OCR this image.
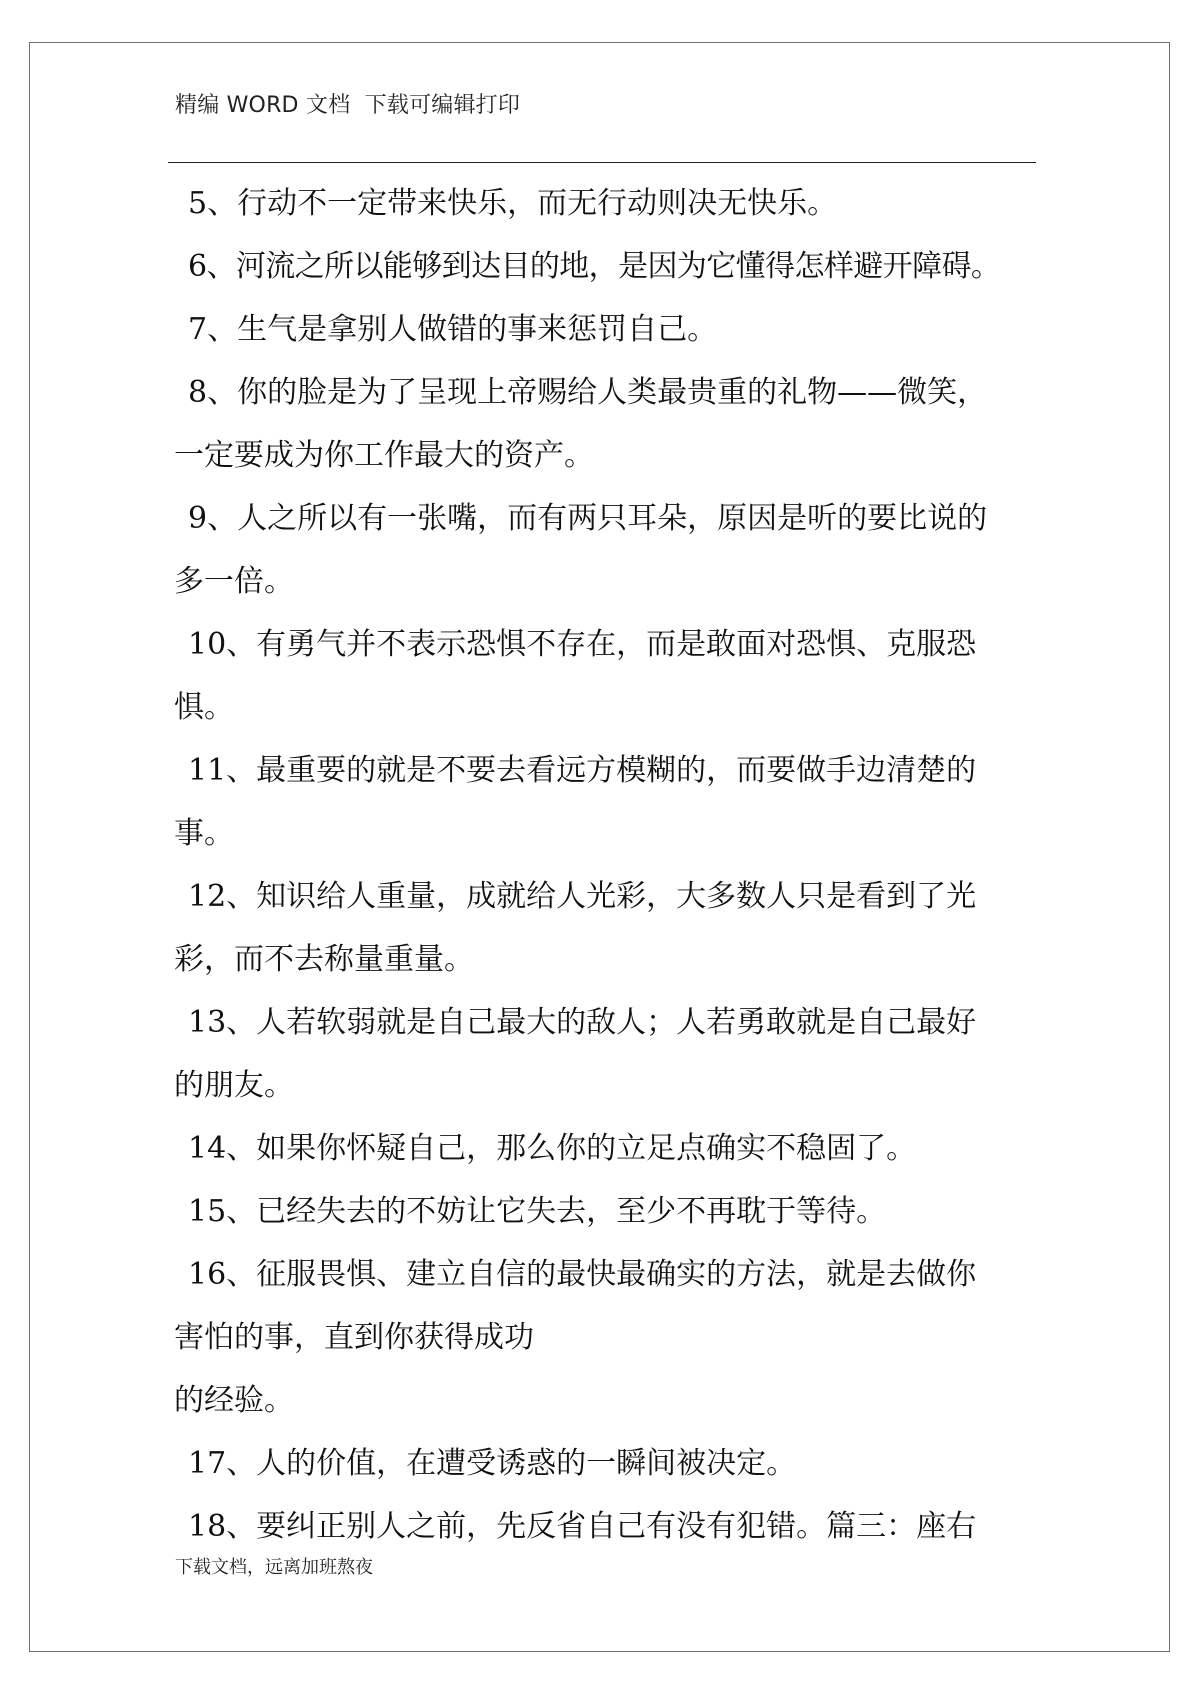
精编 WORD 文档  下载可编辑打印

5、行动不一定带来快乐，而无行动则决无快乐。

6、河流之所以能够到达目的地，是因为它懂得怎样避开障碍。

7、生气是拿别人做错的事来惩罚自己。

8、你的脸是为了呈现上帝赐给人类最贵重的礼物——微笑，
一定要成为你工作最大的资产。

9、人之所以有一张嘴，而有两只耳朵，原因是听的要比说的
多一倍。

10、有勇气并不表示恐惧不存在，而是敢面对恐惧、克服恐
惧。

11、最重要的就是不要去看远方模糊的，而要做手边清楚的
事。

12、知识给人重量，成就给人光彩，大多数人只是看到了光
彩，而不去称量重量。

13、人若软弱就是自己最大的敌人；人若勇敢就是自己最好
的朋友。

14、如果你怀疑自己，那么你的立足点确实不稳固了。

15、已经失去的不妨让它失去，至少不再耽于等待。

16、征服畏惧、建立自信的最快最确实的方法，就是去做你
害怕的事，直到你获得成功
的经验。

17、人的价值，在遭受诱惑的一瞬间被决定。

18、要纠正别人之前，先反省自己有没有犯错。篇三：座右

下载文档，远离加班熬夜
